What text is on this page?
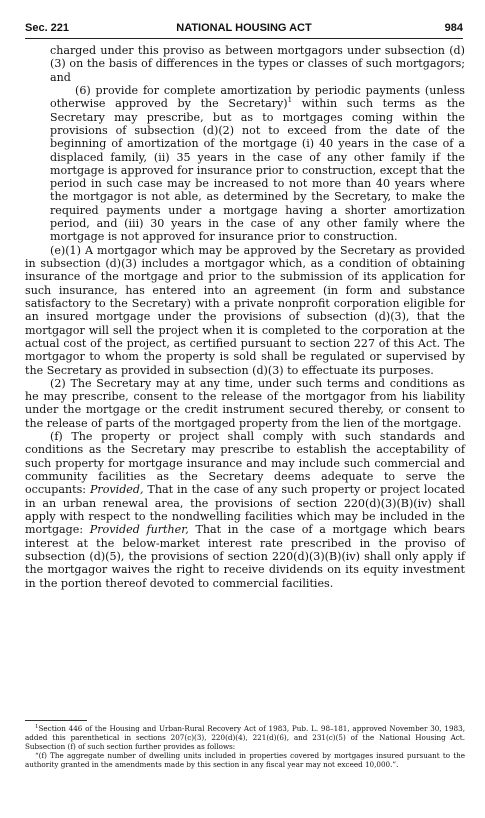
Sec. 221	NATIONAL HOUSING ACT	984

charged under this proviso as between mortgagors under subsection (d)(3) on the basis of differences in the types or classes of such mortgagors; and

(6) provide for complete amortization by periodic payments (unless otherwise approved by the Secretary)$^1$ within such terms as the Secretary may prescribe, but as to mortgages coming within the provisions of subsection (d)(2) not to exceed from the date of the beginning of amortization of the mortgage (i) 40 years in the case of a displaced family, (ii) 35 years in the case of any other family if the mortgage is approved for insurance prior to construction, except that the period in such case may be increased to not more than 40 years where the mortgagor is not able, as determined by the Secretary, to make the required payments under a mortgage having a shorter amortization period, and (iii) 30 years in the case of any other family where the mortgage is not approved for insurance prior to construction.

(e)(1) A mortgagor which may be approved by the Secretary as provided in subsection (d)(3) includes a mortgagor which, as a condition of obtaining insurance of the mortgage and prior to the submission of its application for such insurance, has entered into an agreement (in form and substance satisfactory to the Secretary) with a private nonprofit corporation eligible for an insured mortgage under the provisions of subsection (d)(3), that the mortgagor will sell the project when it is completed to the corporation at the actual cost of the project, as certified pursuant to section 227 of this Act. The mortgagor to whom the property is sold shall be regulated or supervised by the Secretary as provided in subsection (d)(3) to effectuate its purposes.

(2) The Secretary may at any time, under such terms and conditions as he may prescribe, consent to the release of the mortgagor from his liability under the mortgage or the credit instrument secured thereby, or consent to the release of parts of the mortgaged property from the lien of the mortgage.

(f) The property or project shall comply with such standards and conditions as the Secretary may prescribe to establish the acceptability of such property for mortgage insurance and may include such commercial and community facilities as the Secretary deems adequate to serve the occupants: Provided, That in the case of any such property or project located in an urban renewal area, the provisions of section 220(d)(3)(B)(iv) shall apply with respect to the nondwelling facilities which may be included in the mortgage: Provided further, That in the case of a mortgage which bears interest at the below-market interest rate prescribed in the proviso of subsection (d)(5), the provisions of section 220(d)(3)(B)(iv) shall only apply if the mortgagor waives the right to receive dividends on its equity investment in the portion thereof devoted to commercial facilities.

$^1$Section 446 of the Housing and Urban-Rural Recovery Act of 1983, Pub. L. 98–181, approved November 30, 1983, added this parenthetical in sections 207(c)(3), 220(d)(4), 221(d)(6), and 231(c)(5) of the National Housing Act. Subsection (f) of such section further provides as follows:

“(f) The aggregate number of dwelling units included in properties covered by mortgages insured pursuant to the authority granted in the amendments made by this section in any fiscal year may not exceed 10,000.”.
